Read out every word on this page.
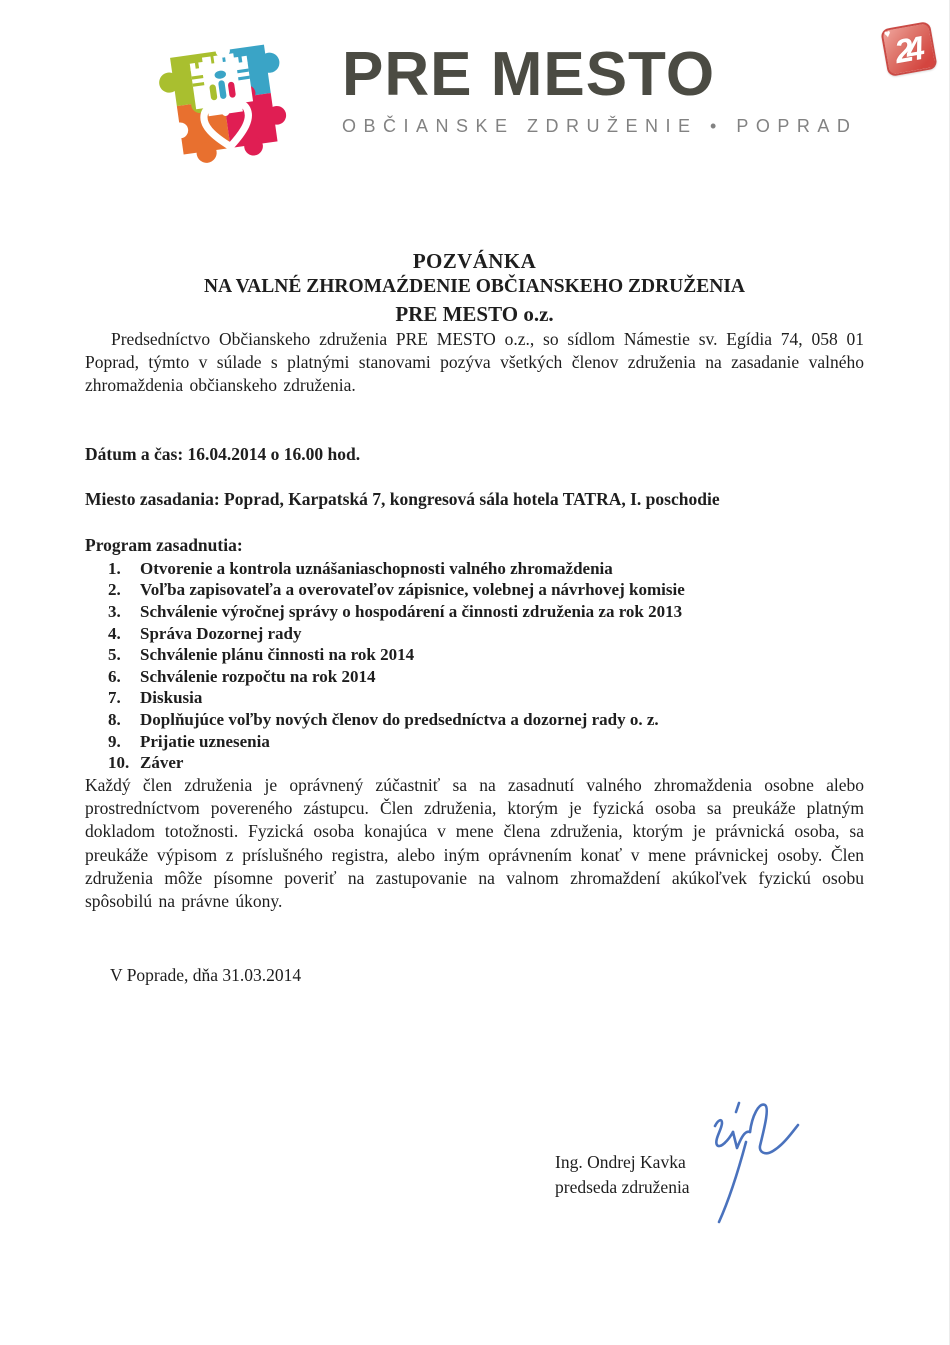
PRE MESTO
OBČIANSKE ZDRUŽENIE • POPRAD
♥ 24
POZVÁNKA
NA VALNÉ ZHROMAŹDENIE OBČIANSKEHO ZDRUŽENIA
PRE MESTO o.z.

Predsedníctvo Občianskeho združenia PRE MESTO o.z., so sídlom Námestie sv. Egídia 74, 058 01 Poprad, týmto v súlade s platnými stanovami pozýva všetkých členov združenia na zasadanie valného zhromaždenia občianskeho združenia.

Dátum a čas: 16.04.2014 o 16.00 hod.

Miesto zasadania: Poprad, Karpatská 7, kongresová sála hotela TATRA, I. poschodie

Program zasadnutia:

1.	Otvorenie a kontrola uznášaniaschopnosti valného zhromaždenia
2.	Voľba zapisovateľa a overovateľov zápisnice, volebnej a návrhovej komisie
3.	Schválenie výročnej správy o hospodárení a činnosti združenia za rok 2013
4.	Správa Dozornej rady
5.	Schválenie plánu činnosti na rok 2014
6.	Schválenie rozpočtu na rok 2014
7.	Diskusia
8.	Doplňujúce voľby nových členov do predsedníctva a dozornej rady o. z.
9.	Prijatie uznesenia
10. Záver

Každý člen združenia je oprávnený zúčastniť sa na zasadnutí valného zhromaždenia osobne alebo prostredníctvom povereného zástupcu. Člen združenia, ktorým je fyzická osoba sa preukáže platným dokladom totožnosti. Fyzická osoba konajúca v mene člena združenia, ktorým je právnická osoba, sa preukáže výpisom z príslušného registra, alebo iným oprávnením konať v mene právnickej osoby. Člen združenia môže písomne poveriť na zastupovanie na valnom zhromaždení akúkoľvek fyzickú osobu spôsobilú na právne úkony.

V Poprade, dňa 31.03.2014

Ing. Ondrej Kavka
predseda združenia
